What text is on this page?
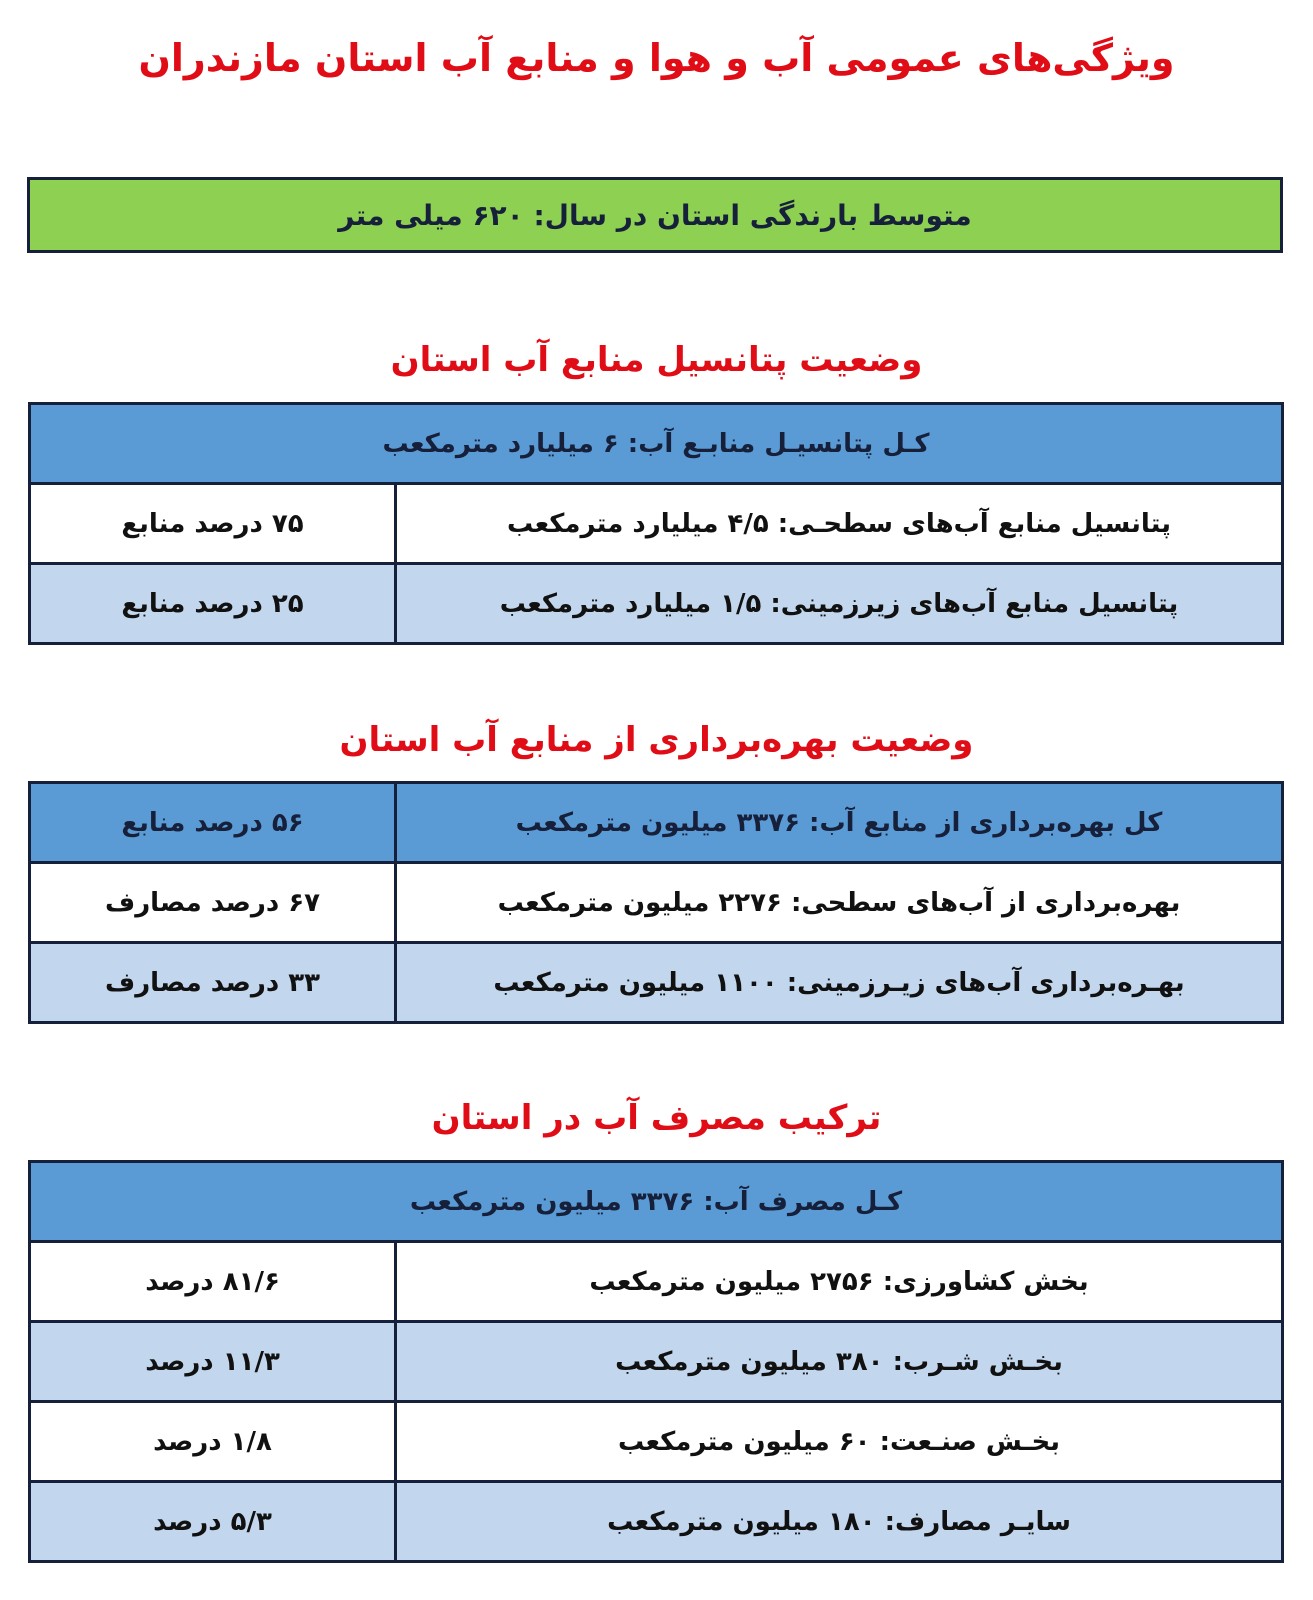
ویژگی‌های عمومی آب و هوا و منابع آب استان مازندران
متوسط بارندگی استان در سال: ۶۲۰ میلی متر
وضعیت پتانسیل منابع آب استان
کـل پتانسیـل منابـع آب: ۶ میلیارد مترمکعب
پتانسیل منابع آب‌های سطحـی: ۴/۵ میلیارد مترمکعب
۷۵ درصد منابع
پتانسیل منابع آب‌های زیرزمینی: ۱/۵ میلیارد مترمکعب
۲۵ درصد منابع
وضعیت بهره‌برداری از منابع آب استان
کل بهره‌برداری از منابع آب: ۳۳۷۶ میلیون مترمکعب
۵۶ درصد منابع
بهره‌برداری از آب‌های سطحی: ۲۲۷۶ میلیون مترمکعب
۶۷ درصد مصارف
بهـره‌برداری آب‌های زیـرزمینی: ۱۱۰۰ میلیون مترمکعب
۳۳ درصد مصارف
ترکیب مصرف آب در استان
کـل مصرف آب: ۳۳۷۶ میلیون مترمکعب
بخش کشاورزی: ۲۷۵۶ میلیون مترمکعب
۸۱/۶ درصد
بخـش شـرب: ۳۸۰ میلیون مترمکعب
۱۱/۳ درصد
بخـش صنـعت: ۶۰ میلیون مترمکعب
۱/۸ درصد
سایـر مصارف: ۱۸۰ میلیون مترمکعب
۵/۳ درصد
